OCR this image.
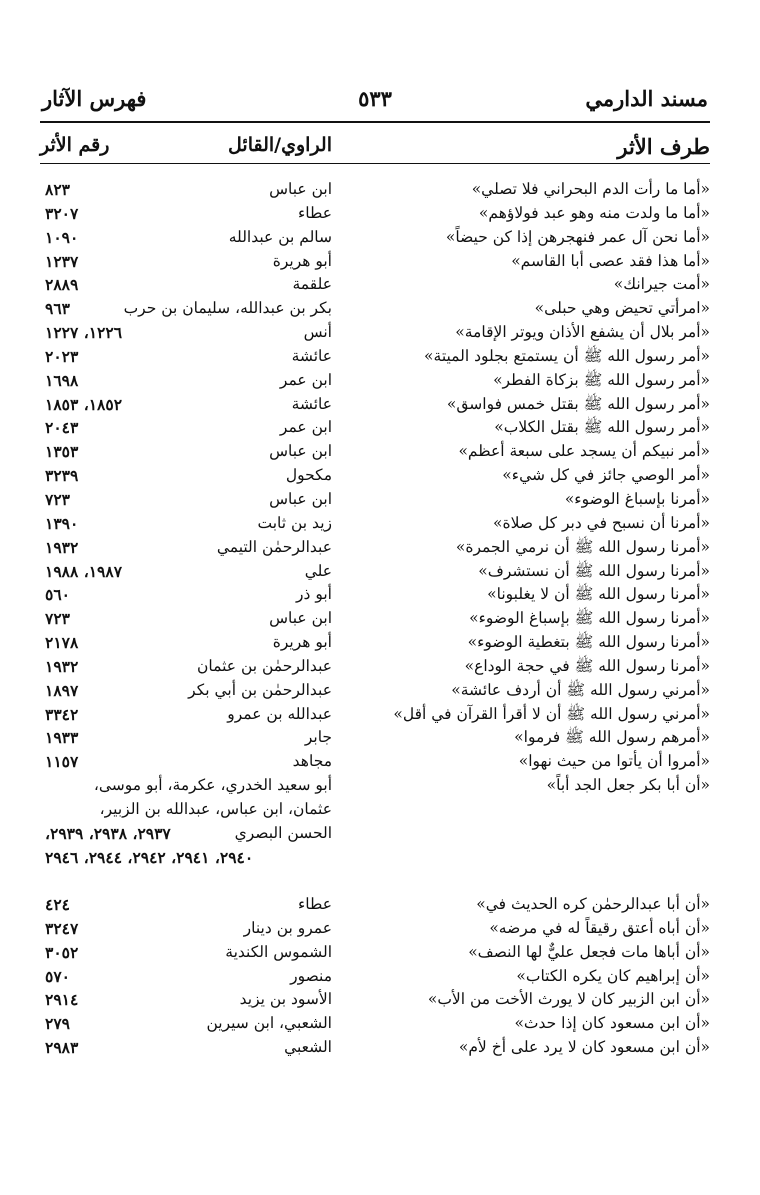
مسند الدارمي
٥٣٣
فهرس الآثار
طرف الأثر
الراوي/القائل
رقم الأثر
«أما ما رأت الدم البحراني فلا تصلي»
ابن عباس
٨٢٣
«أما ما ولدت منه وهو عبد فولاؤهم»
عطاء
٣٢٠٧
«أما نحن آل عمر فنهجرهن إذا كن حيضاً»
سالم بن عبدالله
١٠٩٠
«أما هذا فقد عصى أبا القاسم»
أبو هريرة
١٢٣٧
«أمت جيرانك»
علقمة
٢٨٨٩
«امرأتي تحيض وهي حبلى»
بكر بن عبدالله، سليمان بن حرب
٩٦٣
«أمر بلال أن يشفع الأذان ويوتر الإقامة»
أنس
١٢٢٦، ١٢٢٧
«أمر رسول الله ﷺ أن يستمتع بجلود الميتة»
عائشة
٢٠٢٣
«أمر رسول الله ﷺ بزكاة الفطر»
ابن عمر
١٦٩٨
«أمر رسول الله ﷺ بقتل خمس فواسق»
عائشة
١٨٥٢، ١٨٥٣
«أمر رسول الله ﷺ بقتل الكلاب»
ابن عمر
٢٠٤٣
«أمر نبيكم أن يسجد على سبعة أعظم»
ابن عباس
١٣٥٣
«أمر الوصي جائز في كل شيء»
مكحول
٣٢٣٩
«أمرنا بإسباغ الوضوء»
ابن عباس
٧٢٣
«أمرنا أن نسبح في دبر كل صلاة»
زيد بن ثابت
١٣٩٠
«أمرنا رسول الله ﷺ أن نرمي الجمرة»
عبدالرحمٰن التيمي
١٩٣٢
«أمرنا رسول الله ﷺ أن نستشرف»
علي
١٩٨٧، ١٩٨٨
«أمرنا رسول الله ﷺ أن لا يغلبونا»
أبو ذر
٥٦٠
«أمرنا رسول الله ﷺ بإسباغ الوضوء»
ابن عباس
٧٢٣
«أمرنا رسول الله ﷺ بتغطية الوضوء»
أبو هريرة
٢١٧٨
«أمرنا رسول الله ﷺ في حجة الوداع»
عبدالرحمٰن بن عثمان
١٩٣٢
«أمرني رسول الله ﷺ أن أردف عائشة»
عبدالرحمٰن بن أبي بكر
١٨٩٧
«أمرني رسول الله ﷺ أن لا أقرأ القرآن في أقل»
عبدالله بن عمرو
٣٣٤٢
«أمرهم رسول الله ﷺ فرموا»
جابر
١٩٣٣
«أمروا أن يأتوا من حيث نهوا»
مجاهد
١١٥٧
«أن أبا بكر جعل الجد أباً»
أبو سعيد الخدري، عكرمة، أبو موسى،
عثمان، ابن عباس، عبدالله بن الزبير،
الحسن البصري
٢٩٣٧، ٢٩٣٨، ٢٩٣٩،
٢٩٤٠، ٢٩٤١، ٢٩٤٢، ٢٩٤٤، ٢٩٤٦
«أن أبا عبدالرحمٰن كره الحديث في»
عطاء
٤٢٤
«أن أباه أعتق رقيقاً له في مرضه»
عمرو بن دينار
٣٢٤٧
«أن أباها مات فجعل عليٌّ لها النصف»
الشموس الكندية
٣٠٥٢
«أن إبراهيم كان يكره الكتاب»
منصور
٥٧٠
«أن ابن الزبير كان لا يورث الأخت من الأب»
الأسود بن يزيد
٢٩١٤
«أن ابن مسعود كان إذا حدث»
الشعبي، ابن سيرين
٢٧٩
«أن ابن مسعود كان لا يرد على أخ لأم»
الشعبي
٢٩٨٣
